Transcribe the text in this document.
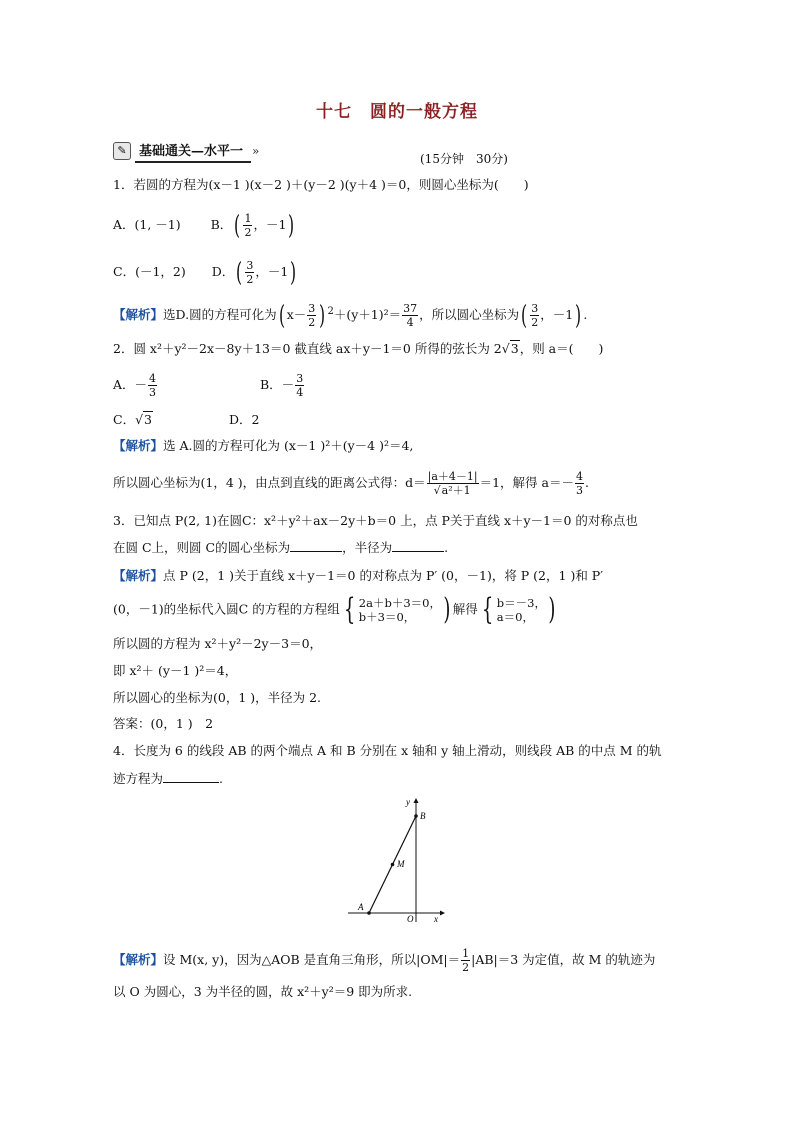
十七　圆的一般方程
✎ 基础通关—水平一 »
(15分钟　30分)
1．若圆的方程为(x－1 )(x－2 )＋(y－2 )(y＋4 )＝0，则圆心坐标为(　　)
A．(1, －1) B．( $\frac{1}{2}$ ，－1)
C．(－1，2) D．( $\frac{3}{2}$ ，－1)
【解析】选D.圆的方程可化为( $x- \frac{3}{2}$ ) $^2+(y+1)^2= \frac{37}{4}$ ，所以圆心坐标为( $\frac{3}{2}$ ，－1) .
2．圆 x²＋y²－2x－8y＋13＝0 截直线 ax＋y－1＝0 所得的弦长为 2√3，则 a＝(　　)
A．－ $\frac{4}{3}$	B．－ $\frac{3}{4}$
C．√3	D．2
【解析】选 A.圆的方程可化为 (x－1 )²＋(y－4 )²＝4,
所以圆心坐标为(1，4 )，由点到直线的距离公式得：$d= \frac{|a+4-1|}{\text{√a²＋1}} =1$，解得 $a=- \frac{4}{3}$ .
3．已知点 P(2, 1)在圆C：x²＋y²＋ax－2y＋b＝0 上，点 P关于直线 x＋y－1＝0 的对称点也
在圆 C上，则圆 C的圆心坐标为	，半径为	.
【解析】点 P (2，1 )关于直线 x＋y－1＝0 的对称点为 P′ (0，－1)，将 P (2，1 )和 P′
(0，－1)的坐标代入圆C 的方程的方程组 { 2a＋b＋3＝0，
b＋3＝0， ) 解得 { b＝－3，
a＝0， )
所以圆的方程为 x²＋y²－2y－3＝0，
即 x²＋ (y－1 )²＝4，
所以圆心的坐标为(0，1 )，半径为 2.
答案：(0，1 )　2
4．长度为 6 的线段 AB 的两个端点 A 和 B 分别在 x 轴和 y 轴上滑动，则线段 AB 的中点 M 的轨
迹方程为	.
y
x
B
M
A
O
【解析】设 M(x, y)，因为△AOB 是直角三角形，所以$|OM|= \frac{1}{2} |AB|=3$ 为定值，故 M 的轨迹为
以 O 为圆心，3 为半径的圆，故 x²＋y²＝9 即为所求.
